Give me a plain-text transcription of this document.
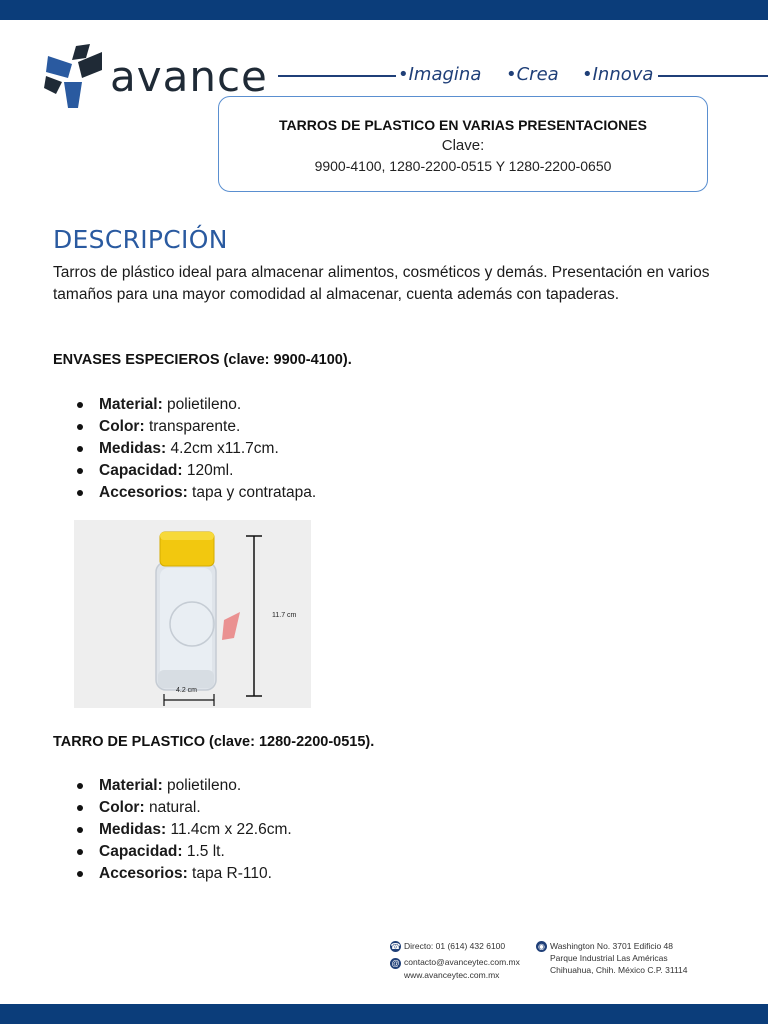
avance	•Imagina •Crea •Innova
TARROS DE PLASTICO EN VARIAS PRESENTACIONES
Clave:
9900-4100, 1280-2200-0515 Y 1280-2200-0650
DESCRIPCIÓN
Tarros de plástico ideal para almacenar alimentos, cosméticos y demás. Presentación en varios tamaños para una mayor comodidad al almacenar, cuenta además con tapaderas.
ENVASES ESPECIEROS (clave: 9900-4100).
Material: polietileno.
Color: transparente.
Medidas: 4.2cm x11.7cm.
Capacidad: 120ml.
Accesorios: tapa y contratapa.
11.7 cm
4.2 cm
TARRO DE PLASTICO (clave: 1280-2200-0515).
Material: polietileno.
Color: natural.
Medidas: 11.4cm x 22.6cm.
Capacidad: 1.5 lt.
Accesorios: tapa R-110.
☎ Directo: 01 (614) 432 6100
@ contacto@avanceytec.com.mx
www.avanceytec.com.mx
◉ Washington No. 3701 Edificio 48
Parque Industrial Las Américas
Chihuahua, Chih. México C.P. 31114
